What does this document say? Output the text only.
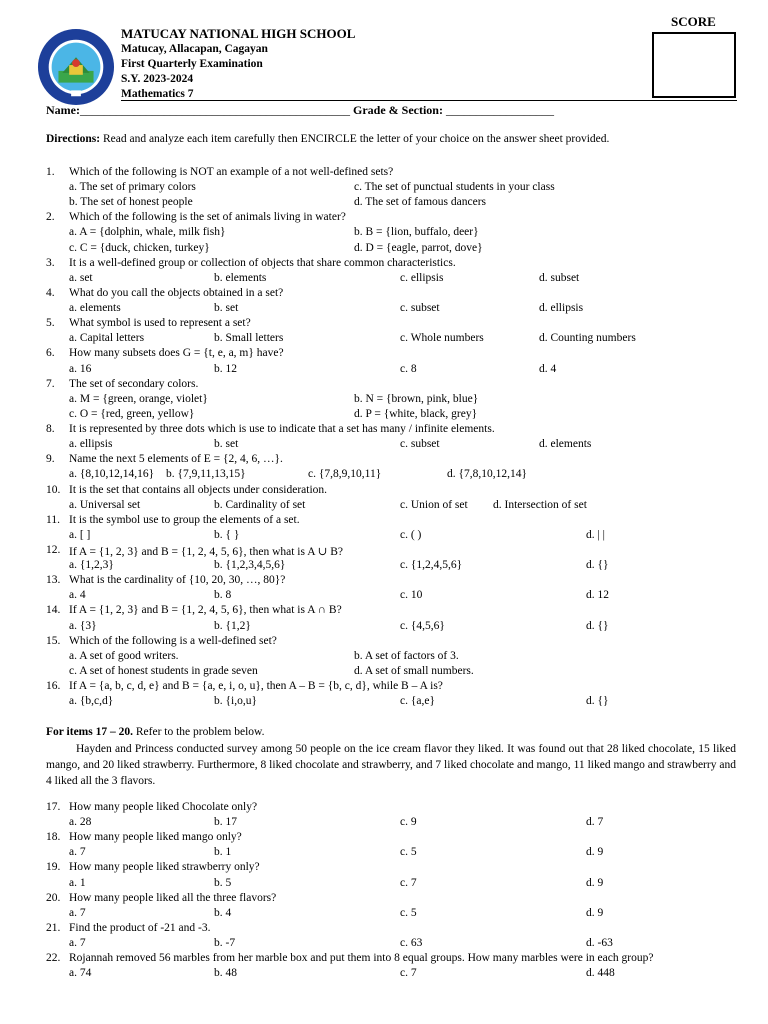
MATUCAY NATIONAL HIGH SCHOOL
Matucay, Allacapan, Cagayan
First Quarterly Examination
S.Y. 2023-2024
Mathematics 7
SCORE
Name:_____________________________________________ Grade & Section: __________________
Directions: Read and analyze each item carefully then ENCIRCLE the letter of your choice on the answer sheet provided.
1. Which of the following is NOT an example of a not well-defined sets?
a. The set of primary colors	c. The set of punctual students in your class
b. The set of honest people	d. The set of famous dancers
2. Which of the following is the set of animals living in water?
a. A = {dolphin, whale, milk fish}	b. B = {lion, buffalo, deer}
c. C = {duck, chicken, turkey}	d. D = {eagle, parrot, dove}
3. It is a well-defined group or collection of objects that share common characteristics.
a. set	b. elements	c. ellipsis	d. subset
4. What do you call the objects obtained in a set?
a. elements	b. set	c. subset	d. ellipsis
5. What symbol is used to represent a set?
a. Capital letters	b. Small letters	c. Whole numbers	d. Counting numbers
6. How many subsets does G = {t, e, a, m} have?
a. 16	b. 12	c. 8	d. 4
7. The set of secondary colors.
a. M = {green, orange, violet}	b. N = {brown, pink, blue}
c. O = {red, green, yellow}	d. P = {white, black, grey}
8. It is represented by three dots which is use to indicate that a set has many / infinite elements.
a. ellipsis	b. set	c. subset	d. elements
9. Name the next 5 elements of E = {2, 4, 6, …}.
a. {8,10,12,14,16} b. {7,9,11,13,15}	c. {7,8,9,10,11}	d. {7,8,10,12,14}
10. It is the set that contains all objects under consideration.
a. Universal set	b. Cardinality of set	c. Union of set d. Intersection of set
11. It is the symbol use to group the elements of a set.
a. [ ]	b. { }	c. ( )	d. | |
12. If A = {1, 2, 3} and B = {1, 2, 4, 5, 6}, then what is A ∪ B?
a. {1,2,3}	b. {1,2,3,4,5,6}	c. {1,2,4,5,6}	d. {}
13. What is the cardinality of {10, 20, 30, …, 80}?
a. 4	b. 8	c. 10	d. 12
14. If A = {1, 2, 3} and B = {1, 2, 4, 5, 6}, then what is A ∩ B?
a. {3}	b. {1,2}	c. {4,5,6}	d. {}
15. Which of the following is a well-defined set?
a. A set of good writers.	b. A set of factors of 3.
c. A set of honest students in grade seven	d. A set of small numbers.
16. If A = {a, b, c, d, e} and B = {a, e, i, o, u}, then A – B = {b, c, d}, while B – A is?
a. {b,c,d}	b. {i,o,u}	c. {a,e}	d. {}
For items 17 – 20. Refer to the problem below.
Hayden and Princess conducted survey among 50 people on the ice cream flavor they liked. It was found out that 28 liked chocolate, 15 liked mango, and 20 liked strawberry. Furthermore, 8 liked chocolate and strawberry, and 7 liked chocolate and mango, 11 liked mango and strawberry and 4 liked all the 3 flavors.
17. How many people liked Chocolate only?
a. 28	b. 17	c. 9	d. 7
18. How many people liked mango only?
a. 7	b. 1	c. 5	d. 9
19. How many people liked strawberry only?
a. 1	b. 5	c. 7	d. 9
20. How many people liked all the three flavors?
a. 7	b. 4	c. 5	d. 9
21. Find the product of -21 and -3.
a. 7	b. -7	c. 63	d. -63
22. Rojannah removed 56 marbles from her marble box and put them into 8 equal groups. How many marbles were in each group?
a. 74	b. 48	c. 7	d. 448
